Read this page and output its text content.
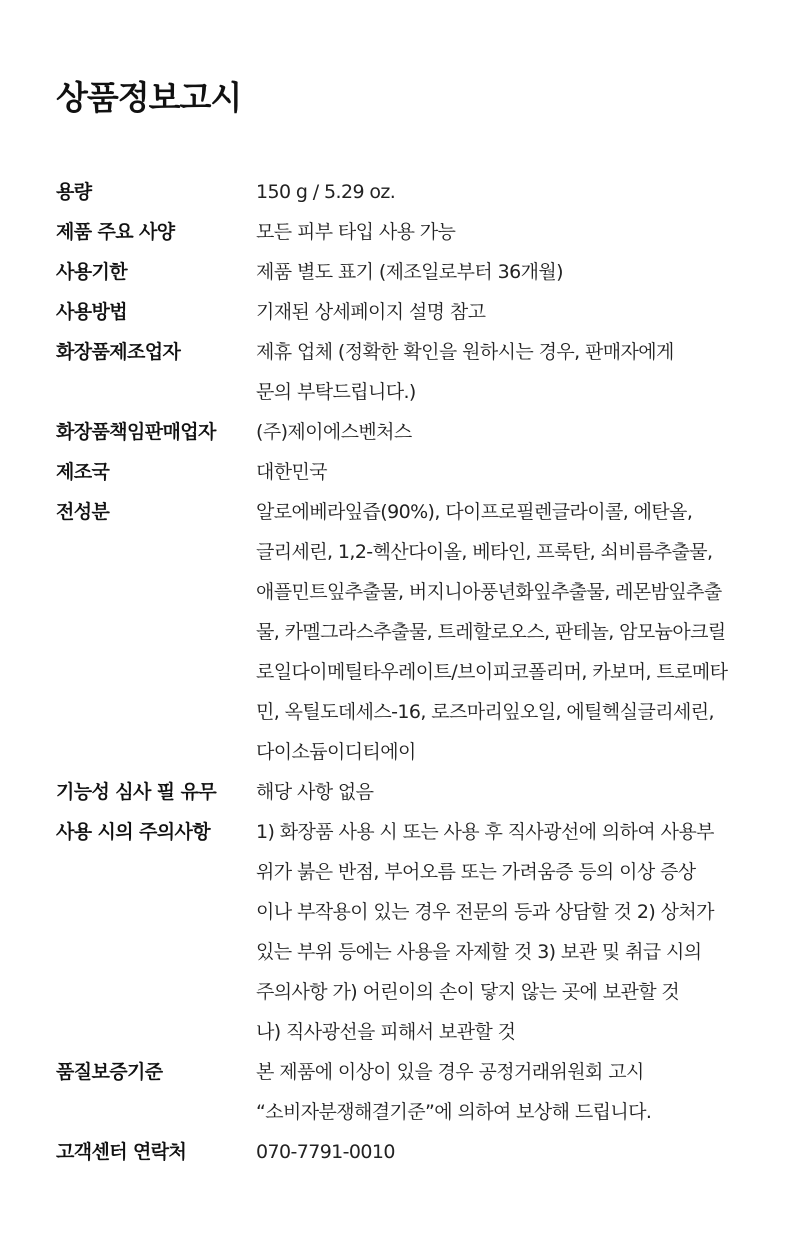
상품정보고시
용량	150 g / 5.29 oz.
제품 주요 사양	모든 피부 타입 사용 가능
사용기한	제품 별도 표기 (제조일로부터 36개월)
사용방법	기재된 상세페이지 설명 참고
화장품제조업자	제휴 업체 (정확한 확인을 원하시는 경우, 판매자에게
문의 부탁드립니다.)
화장품책임판매업자	(주)제이에스벤처스
제조국	대한민국
전성분	알로에베라잎즙(90%), 다이프로필렌글라이콜, 에탄올,
글리세린, 1,2-헥산다이올, 베타인, 프룩탄, 쇠비름추출물,
애플민트잎추출물, 버지니아풍년화잎추출물, 레몬밤잎추출
물, 카멜그라스추출물, 트레할로오스, 판테놀, 암모늄아크릴
로일다이메틸타우레이트/브이피코폴리머, 카보머, 트로메타
민, 옥틸도데세스-16, 로즈마리잎오일, 에틸헥실글리세린,
다이소듐이디티에이
기능성 심사 필 유무	해당 사항 없음
사용 시의 주의사항	1) 화장품 사용 시 또는 사용 후 직사광선에 의하여 사용부
위가 붉은 반점, 부어오름 또는 가려움증 등의 이상 증상
이나 부작용이 있는 경우 전문의 등과 상담할 것 2) 상처가
있는 부위 등에는 사용을 자제할 것 3) 보관 및 취급 시의
주의사항 가) 어린이의 손이 닿지 않는 곳에 보관할 것
나) 직사광선을 피해서 보관할 것
품질보증기준	본 제품에 이상이 있을 경우 공정거래위원회 고시
“소비자분쟁해결기준”에 의하여 보상해 드립니다.
고객센터 연락처	070-7791-0010
